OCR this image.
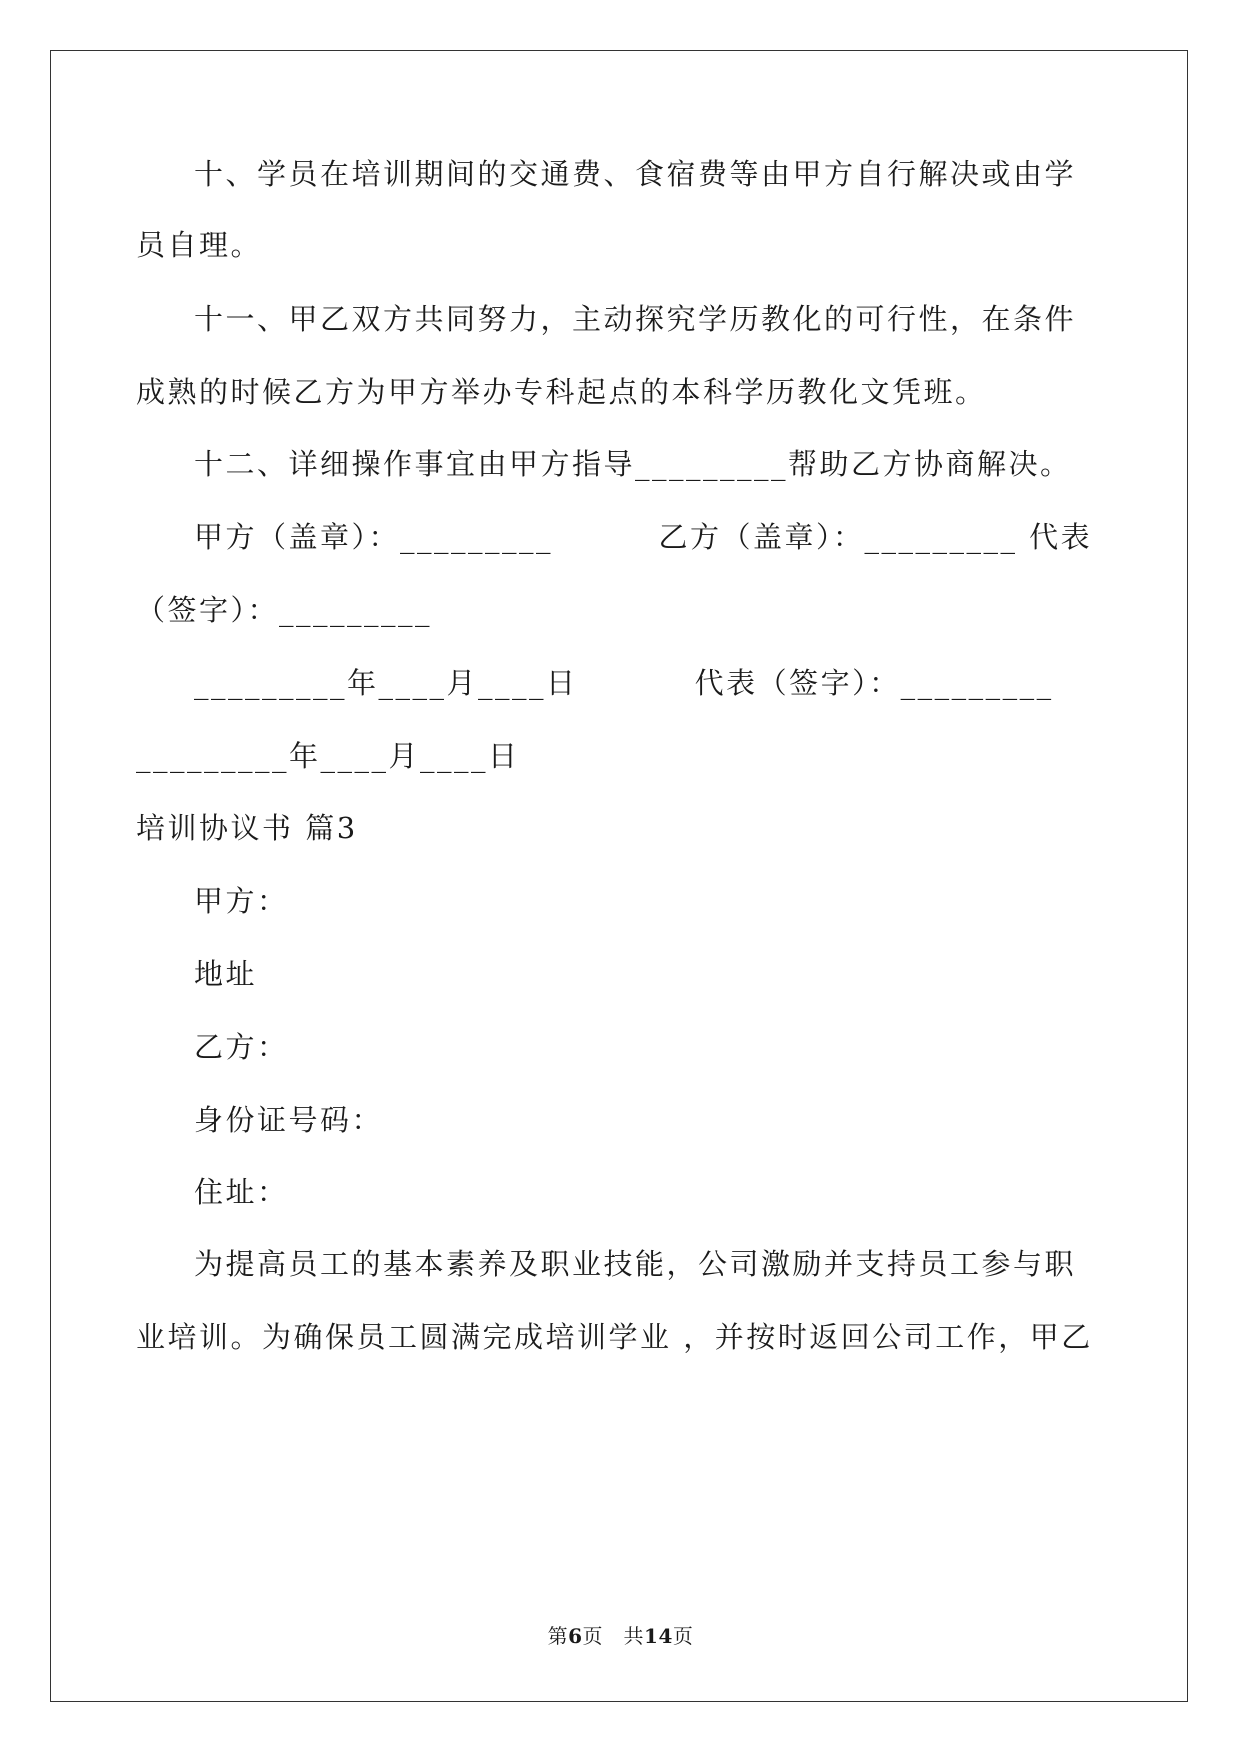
十、学员在培训期间的交通费、食宿费等由甲方自行解决或由学
员自理。
十一、甲乙双方共同努力，主动探究学历教化的可行性，在条件
成熟的时候乙方为甲方举办专科起点的本科学历教化文凭班。
十二、详细操作事宜由甲方指导_________帮助乙方协商解决。
甲方（盖章）：_________         乙方（盖章）：_________ 代表
（签字）：_________
_________年____月____日          代表（签字）：_________
_________年____月____日
培训协议书 篇3
甲方：
地址
乙方：
身份证号码：
住址：
为提高员工的基本素养及职业技能，公司激励并支持员工参与职
业培训。为确保员工圆满完成培训学业 ，并按时返回公司工作，甲乙
第6页　共14页
